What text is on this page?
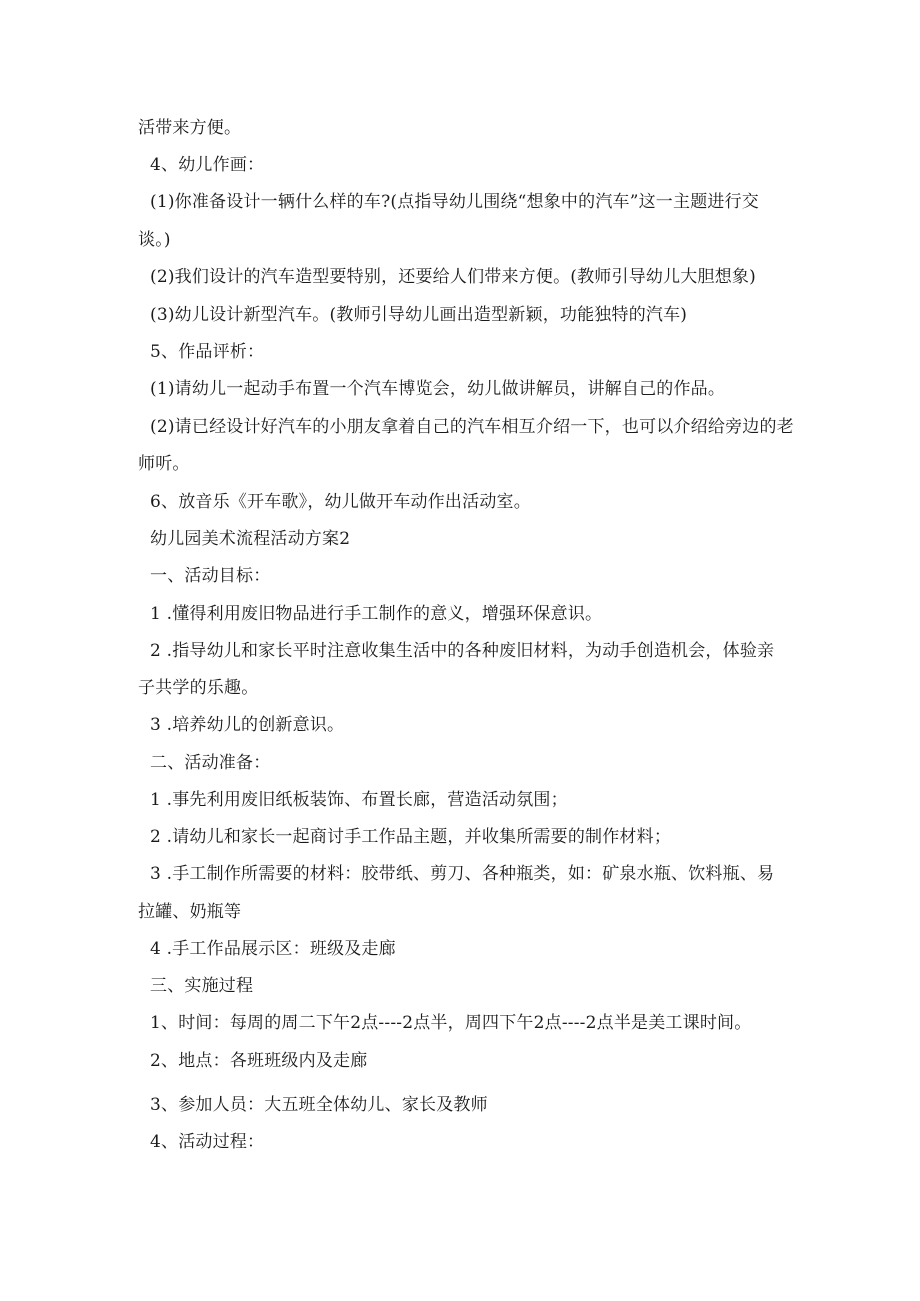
活带来方便。
4、幼儿作画：
(1)你准备设计一辆什么样的车?(点指导幼儿围绕“想象中的汽车”这一主题进行交
谈。)
(2)我们设计的汽车造型要特别，还要给人们带来方便。(教师引导幼儿大胆想象)
(3)幼儿设计新型汽车。(教师引导幼儿画出造型新颖，功能独特的汽车)
5、作品评析：
(1)请幼儿一起动手布置一个汽车博览会，幼儿做讲解员，讲解自己的作品。
(2)请已经设计好汽车的小朋友拿着自己的汽车相互介绍一下，也可以介绍给旁边的老
师听。
6、放音乐《开车歌》，幼儿做开车动作出活动室。
幼儿园美术流程活动方案2
一、活动目标：
1 .懂得利用废旧物品进行手工制作的意义，增强环保意识。
2 .指导幼儿和家长平时注意收集生活中的各种废旧材料，为动手创造机会，体验亲
子共学的乐趣。
3 .培养幼儿的创新意识。
二、活动准备：
1 .事先利用废旧纸板装饰、布置长廊，营造活动氛围；
2 .请幼儿和家长一起商讨手工作品主题，并收集所需要的制作材料；
3 .手工制作所需要的材料：胶带纸、剪刀、各种瓶类，如：矿泉水瓶、饮料瓶、易
拉罐、奶瓶等
4 .手工作品展示区：班级及走廊
三、实施过程
1、时间：每周的周二下午2点----2点半，周四下午2点----2点半是美工课时间。
2、地点：各班班级内及走廊
3、参加人员：大五班全体幼儿、家长及教师
4、活动过程：
